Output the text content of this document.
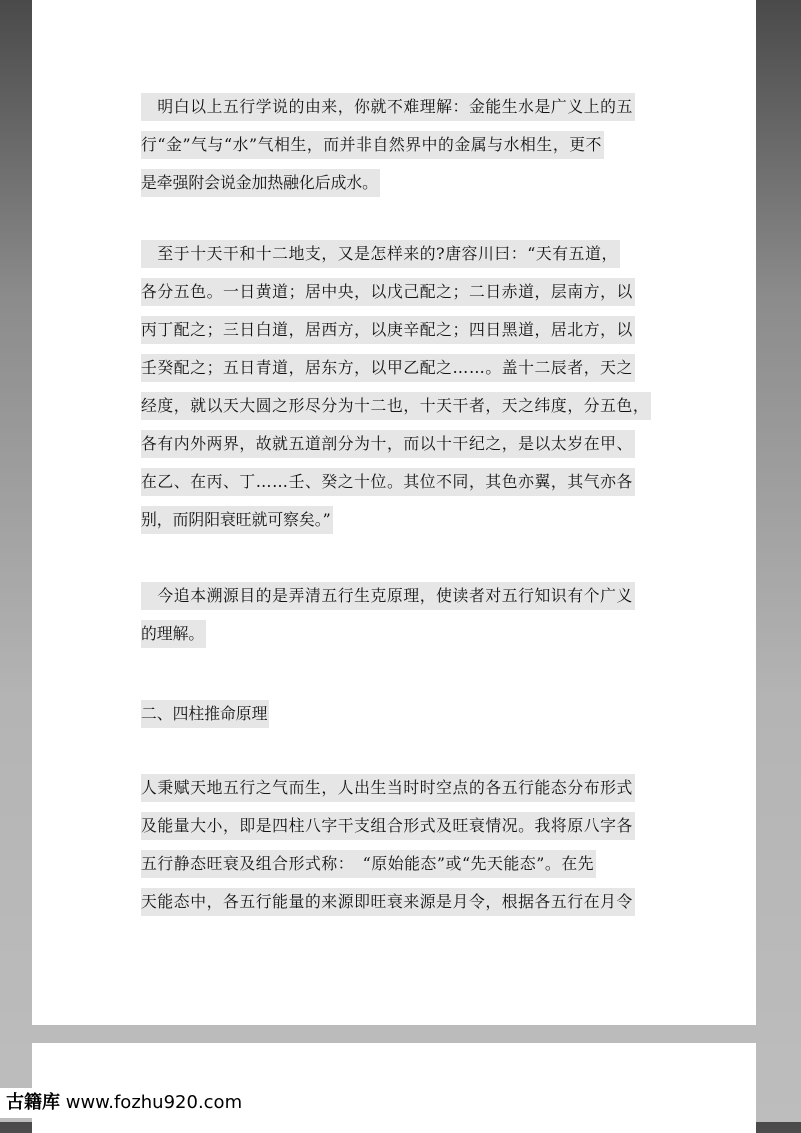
　明白以上五行学说的由来，你就不难理解：金能生水是广义上的五
行“金”气与“水”气相生，而并非自然界中的金属与水相生，更不
是牵强附会说金加热融化后成水。
　至于十天干和十二地支，又是怎样来的?唐容川曰：“天有五道，
各分五色。一日黄道；居中央，以戊己配之；二日赤道，层南方，以
丙丁配之；三日白道，居西方，以庚辛配之；四日黑道，居北方，以
壬癸配之；五日青道，居东方，以甲乙配之……。盖十二辰者，天之
经度，就以天大圆之形尽分为十二也，十天干者，天之纬度，分五色，
各有内外两界，故就五道剖分为十，而以十干纪之，是以太岁在甲、
在乙、在丙、丁……壬、癸之十位。其位不同，其色亦翼，其气亦各
别，而阴阳衰旺就可察矣。”
　今追本溯源目的是弄清五行生克原理，使读者对五行知识有个广义
的理解。
二、四柱推命原理
人秉赋天地五行之气而生，人出生当时时空点的各五行能态分布形式
及能量大小，即是四柱八字干支组合形式及旺衰情况。我将原八字各
五行静态旺衰及组合形式称：　“原始能态”或“先天能态”。在先
天能态中，各五行能量的来源即旺衰来源是月令，根据各五行在月令
古籍库 www.fozhu920.com
